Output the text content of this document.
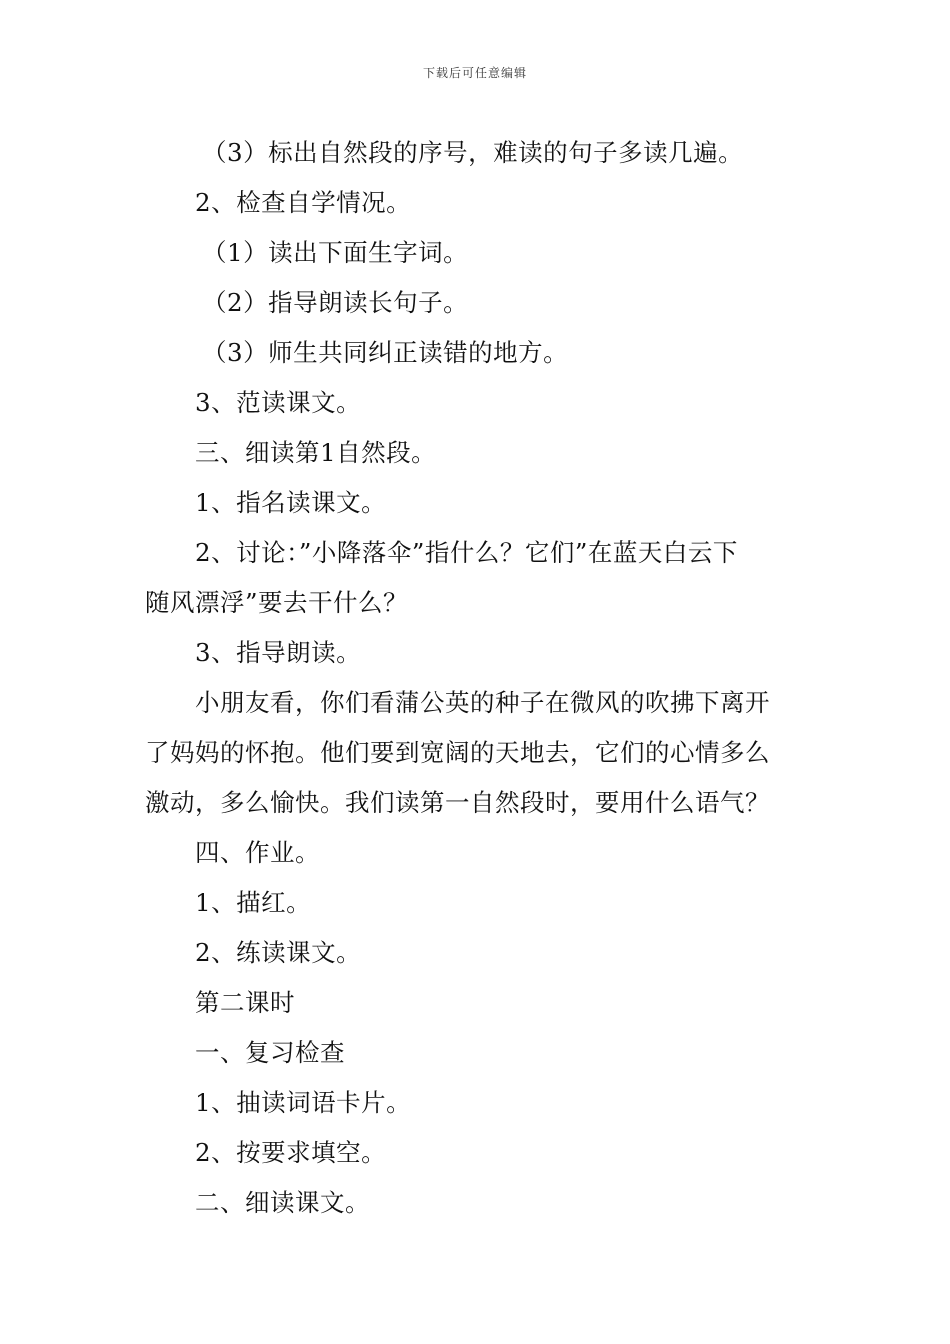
下载后可任意编辑
（3）标出自然段的序号，难读的句子多读几遍。
2、检查自学情况。
（1）读出下面生字词。
（2）指导朗读长句子。
（3）师生共同纠正读错的地方。
3、范读课文。
三、细读第1自然段。
1、指名读课文。
2、讨论：”小降落伞”指什么？它们”在蓝天白云下
随风漂浮”要去干什么？
3、指导朗读。
小朋友看，你们看蒲公英的种子在微风的吹拂下离开
了妈妈的怀抱。他们要到宽阔的天地去，它们的心情多么
激动，多么愉快。我们读第一自然段时，要用什么语气？
四、作业。
1、描红。
2、练读课文。
第二课时
一、复习检查
1、抽读词语卡片。
2、按要求填空。
二、细读课文。
